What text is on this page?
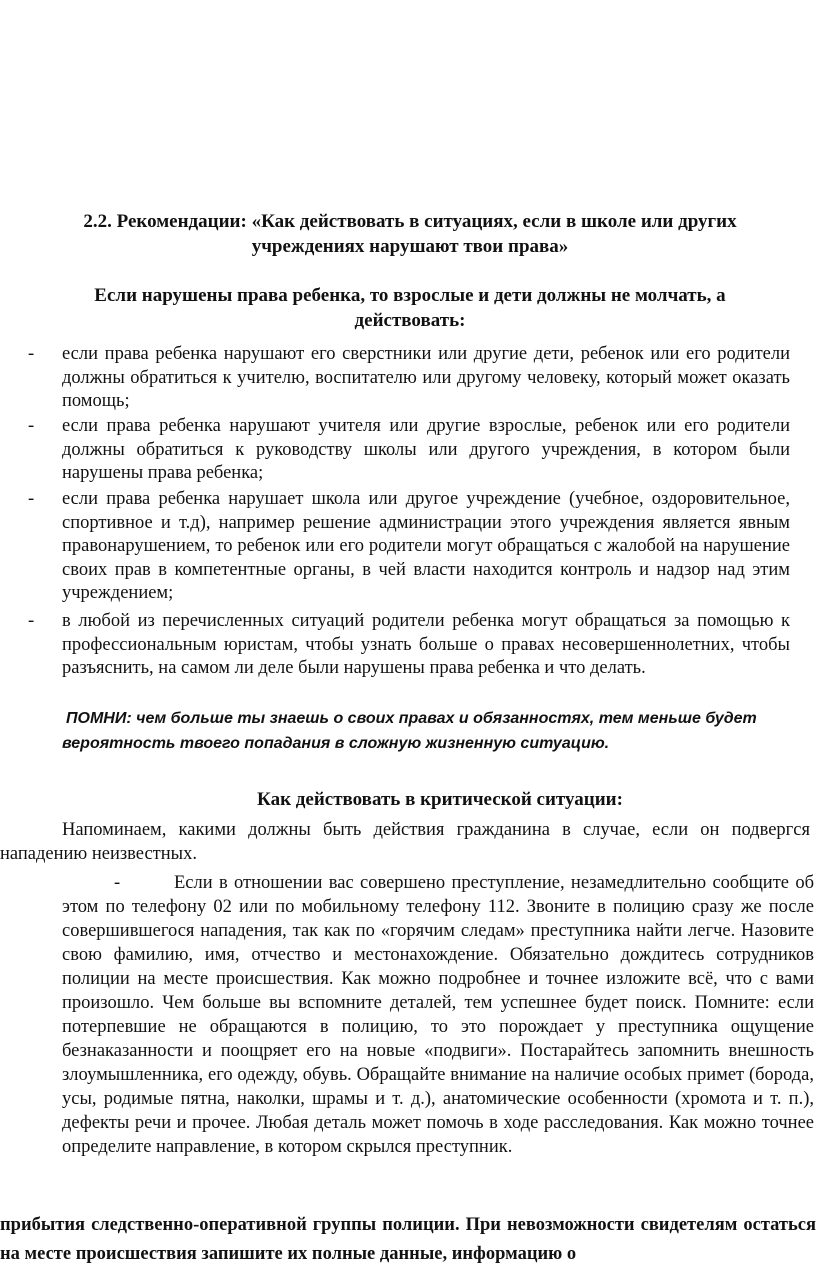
2.2. Рекомендации: «Как действовать в ситуациях, если в школе или других
учреждениях нарушают твои права»
Если нарушены права ребенка, то взрослые и дети должны не молчать, а
действовать:
- если права ребенка нарушают его сверстники или другие дети, ребенок или его родители должны обратиться к учителю, воспитателю или другому человеку, который может оказать помощь;
- если права ребенка нарушают учителя или другие взрослые, ребенок или его родители должны обратиться к руководству школы или другого учреждения, в котором были нарушены права ребенка;
- если права ребенка нарушает школа или другое учреждение (учебное, оздоровительное, спортивное и т.д), например решение администрации этого учреждения является явным правонарушением, то ребенок или его родители могут обращаться с жалобой на нарушение своих прав в компетентные органы, в чей власти находится контроль и надзор над этим учреждением;
- в любой из перечисленных ситуаций родители ребенка могут обращаться за помощью к профессиональным юристам, чтобы узнать больше о правах несовершеннолетних, чтобы разъяснить, на самом ли деле были нарушены права ребенка и что делать.
ПОМНИ: чем больше ты знаешь о своих правах и обязанностях, тем меньше будет
вероятность твоего попадания в сложную жизненную ситуацию.
Как действовать в критической ситуации:
Напоминаем, какими должны быть действия гражданина в случае, если он подвергся нападению неизвестных.
-	Если в отношении вас совершено преступление, незамедлительно сообщите об этом по телефону 02 или по мобильному телефону 112. Звоните в полицию сразу же после совершившегося нападения, так как по «горячим следам» преступника найти легче. Назовите свою фамилию, имя, отчество и местонахождение. Обязательно дождитесь сотрудников полиции на месте происшествия. Как можно подробнее и точнее изложите всё, что с вами произошло. Чем больше вы вспомните деталей, тем успешнее будет поиск. Помните: если потерпевшие не обращаются в полицию, то это порождает у преступника ощущение безнаказанности и поощряет его на новые «подвиги». Постарайтесь запомнить внешность злоумышленника, его одежду, обувь. Обращайте внимание на наличие особых примет (борода, усы, родимые пятна, наколки, шрамы и т. д.), анатомические особенности (хромота и т. п.), дефекты речи и прочее. Любая деталь может помочь в ходе расследования. Как можно точнее определите направление, в котором скрылся преступник.
прибытия следственно-оперативной группы полиции. При невозможности свидетелям остаться на месте происшествия запишите их полные данные, информацию о
